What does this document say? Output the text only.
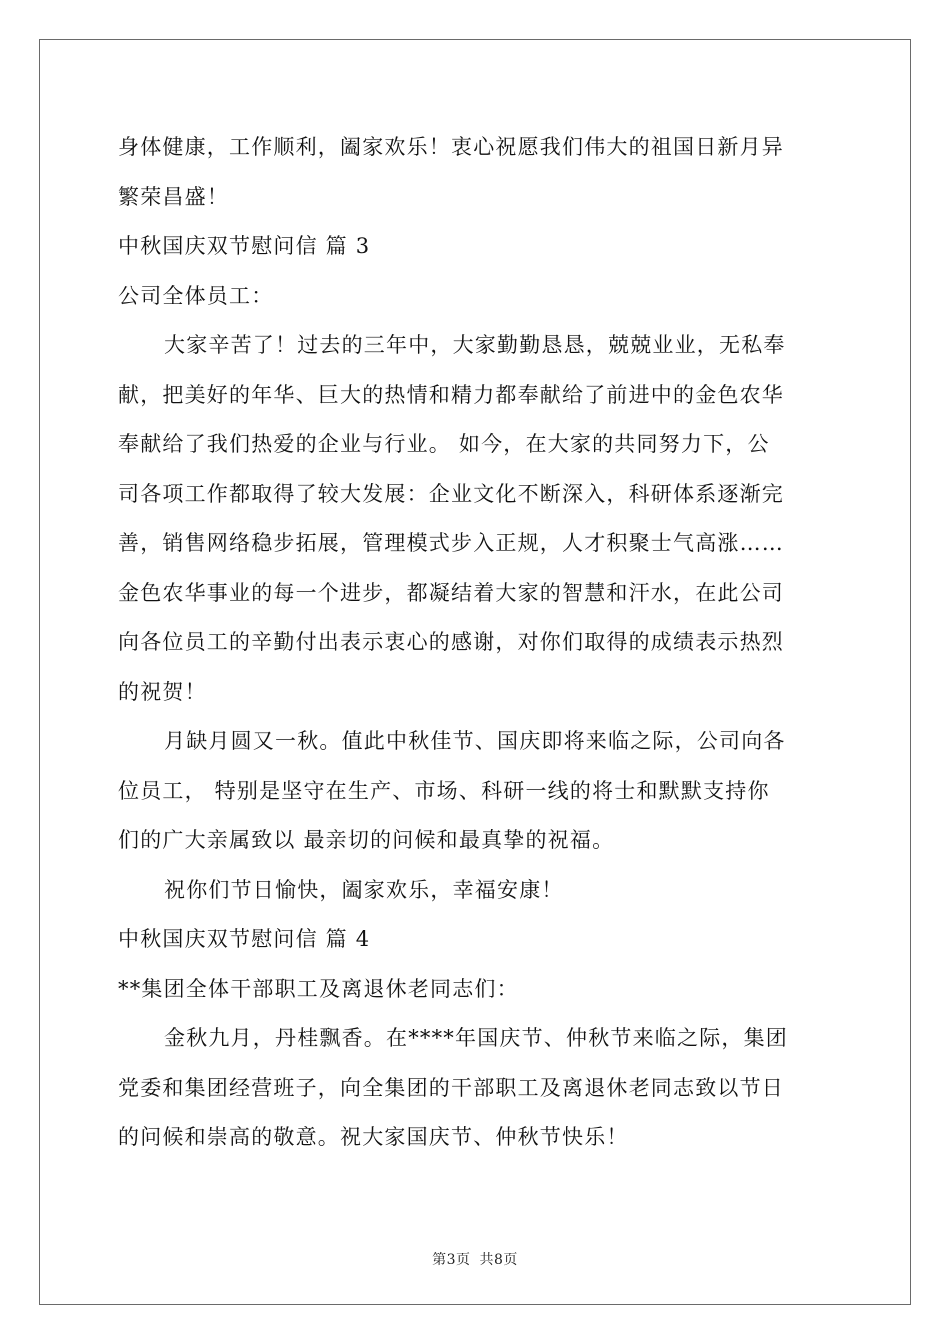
身体健康，工作顺利，阖家欢乐！衷心祝愿我们伟大的祖国日新月异
繁荣昌盛！
中秋国庆双节慰问信 篇 3
公司全体员工：
大家辛苦了！过去的三年中，大家勤勤恳恳，兢兢业业，无私奉
献，把美好的年华、巨大的热情和精力都奉献给了前进中的金色农华
奉献给了我们热爱的企业与行业。 如今，在大家的共同努力下，公
司各项工作都取得了较大发展：企业文化不断深入，科研体系逐渐完
善，销售网络稳步拓展，管理模式步入正规，人才积聚士气高涨……
金色农华事业的每一个进步，都凝结着大家的智慧和汗水，在此公司
向各位员工的辛勤付出表示衷心的感谢，对你们取得的成绩表示热烈
的祝贺！
月缺月圆又一秋。值此中秋佳节、国庆即将来临之际，公司向各
位员工， 特别是坚守在生产、市场、科研一线的将士和默默支持你
们的广大亲属致以 最亲切的问候和最真挚的祝福。
祝你们节日愉快，阖家欢乐，幸福安康！
中秋国庆双节慰问信 篇 4
**集团全体干部职工及离退休老同志们：
金秋九月，丹桂飘香。在****年国庆节、仲秋节来临之际，集团
党委和集团经营班子，向全集团的干部职工及离退休老同志致以节日
的问候和崇高的敬意。祝大家国庆节、仲秋节快乐！
第3页 共8页
